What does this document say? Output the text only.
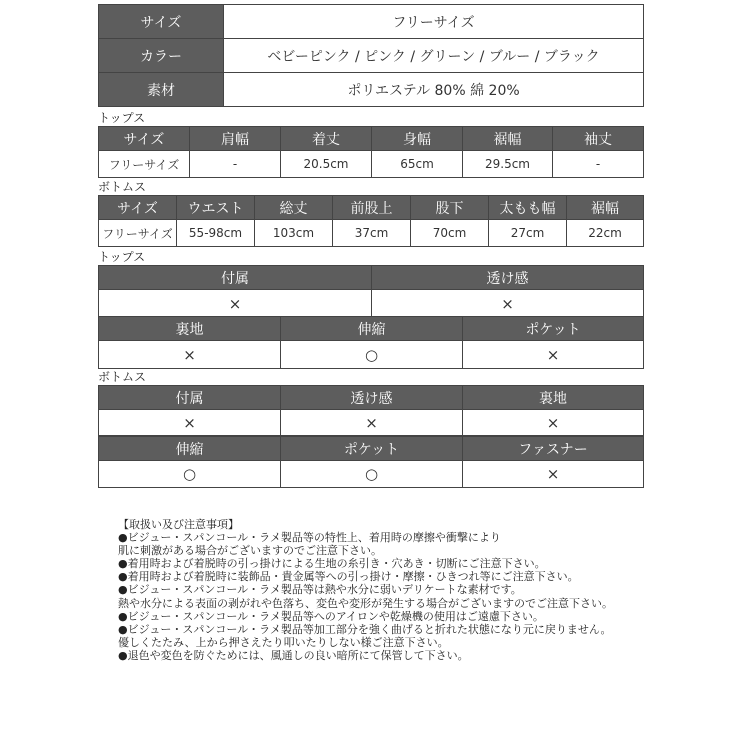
サイズ	フリーサイズ
カラー	ベビーピンク / ピンク / グリーン / ブルー / ブラック
素材	ポリエステル 80% 綿 20%
トップス
サイズ	肩幅	着丈	身幅	裾幅	袖丈
フリーサイズ	-	20.5cm	65cm	29.5cm	-
ボトムス
サイズ	ウエスト	総丈	前股上	股下	太もも幅	裾幅
フリーサイズ	55-98cm	103cm	37cm	70cm	27cm	22cm
トップス
付属	透け感
×	×
裏地	伸縮	ポケット
×	○	×
ボトムス
付属	透け感	裏地
×	×	×
伸縮	ポケット	ファスナー
○	○	×
【取扱い及び注意事項】
●ビジュー・スパンコール・ラメ製品等の特性上、着用時の摩擦や衝撃により
肌に刺激がある場合がございますのでご注意下さい。
●着用時および着脱時の引っ掛けによる生地の糸引き・穴あき・切断にご注意下さい。
●着用時および着脱時に装飾品・貴金属等への引っ掛け・摩擦・ひきつれ等にご注意下さい。
●ビジュー・スパンコール・ラメ製品等は熱や水分に弱いデリケートな素材です。
熱や水分による表面の剥がれや色落ち、変色や変形が発生する場合がございますのでご注意下さい。
●ビジュー・スパンコール・ラメ製品等へのアイロンや乾燥機の使用はご遠慮下さい。
●ビジュー・スパンコール・ラメ製品等加工部分を強く曲げると折れた状態になり元に戻りません。
優しくたたみ、上から押さえたり叩いたりしない様ご注意下さい。
●退色や変色を防ぐためには、風通しの良い暗所にて保管して下さい。
